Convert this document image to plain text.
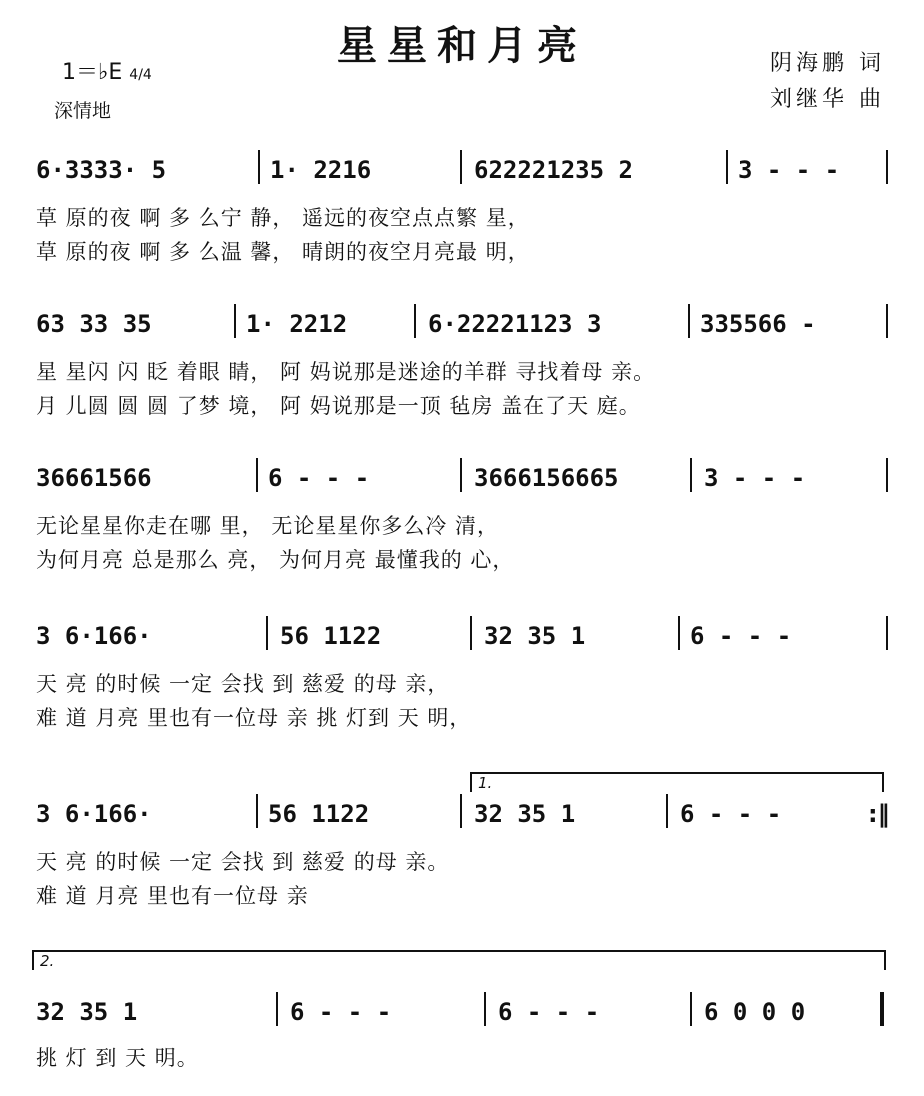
星星和月亮
1＝♭E 4/4
深情地
阴海鹏 词
刘继华 曲
6·3333· 5	1· 2216	622221235 2	3 - - -
草 原的夜 啊 多 么宁 静， 遥远的夜空点点繁 星，
草 原的夜 啊 多 么温 馨， 晴朗的夜空月亮最 明，
63 33 35	1· 2212	6·22221123 3	335566 -
星 星闪 闪 眨 着眼 睛， 阿 妈说那是迷途的羊群 寻找着母 亲。
月 儿圆 圆 圆 了梦 境， 阿 妈说那是一顶 毡房 盖在了天 庭。
36661566	6 - - -	3666156665	3 - - -
无论星星你走在哪 里， 无论星星你多么冷 清，
为何月亮 总是那么 亮， 为何月亮 最懂我的 心，
3 6·166·	56 1122	32 35 1	6 - - -
天 亮 的时候 一定 会找 到 慈爱 的母 亲，
难 道 月亮 里也有一位母 亲 挑 灯到 天 明，
1.
3 6·166·	56 1122	32 35 1	6 - - -	:‖
天 亮 的时候 一定 会找 到 慈爱 的母 亲。
难 道 月亮 里也有一位母 亲
2.
32 35 1	6 - - -	6 - - -	6 0 0 0
挑 灯 到 天 明。
